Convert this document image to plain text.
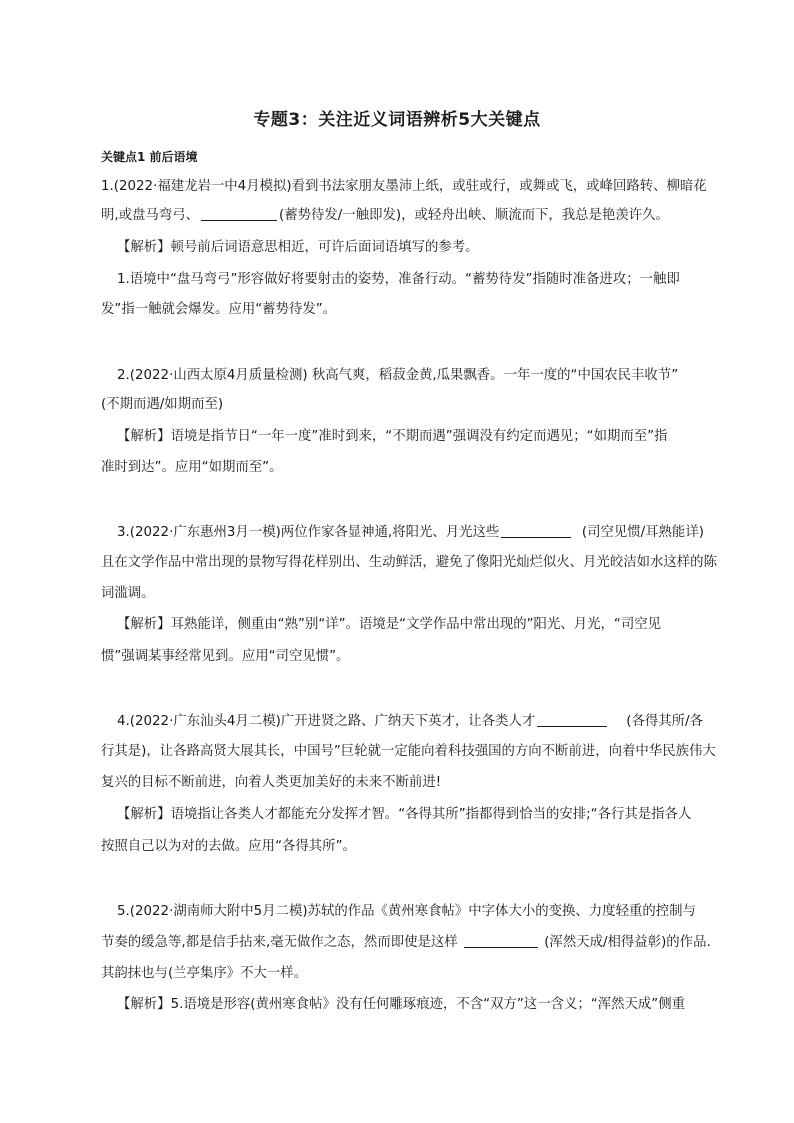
专题3：关注近义词语辨析5大关键点
关键点1 前后语境
1.(2022·福建龙岩一中4月模拟)看到书法家朋友墨沛上纸，或驻或行，或舞或飞，或峰回路转、柳暗花
明,或盘马弯弓、	(蓄势待发/一触即发)，或轻舟出峡、顺流而下，我总是艳羡许久。
【解析】顿号前后词语意思相近，可许后面词语填写的参考。
1.语境中“盘马弯弓”形容做好将要射击的姿势，准备行动。“蓄势待发”指随时准备进攻；一触即
发”指一触就会爆发。应用“蓄势待发”。
2.(2022·山西太原4月质量检测) 秋高气爽，稻菽金黄,瓜果飘香。一年一度的“中国农民丰收节”
(不期而遇/如期而至)
【解析】语境是指节日“一年一度”准时到来，“不期而遇”强调没有约定而遇见；“如期而至”指
准时到达”。应用“如期而至”。
3.(2022·广东惠州3月一模)两位作家各显神通,将阳光、月光这些	(司空见惯/耳熟能详)
且在文学作品中常出现的景物写得花样别出、生动鲜活，避免了像阳光灿烂似火、月光皎洁如水这样的陈
词滥调。
【解析】耳熟能详，侧重由“熟”别“详”。语境是“文学作品中常出现的”阳光、月光，“司空见
惯”强调某事经常见到。应用“司空见惯”。
4.(2022·广东汕头4月二模)广开进贤之路、广纳天下英才，让各类人才	(各得其所/各
行其是)，让各路高贤大展其长，中国号”巨轮就一定能向着科技强国的方向不断前进，向着中华民族伟大
复兴的目标不断前进，向着人类更加美好的未来不断前进!
【解析】语境指让各类人才都能充分发挥才智。“各得其所”指都得到恰当的安排;“各行其是指各人
按照自己以为对的去做。应用“各得其所”。
5.(2022·湖南师大附中5月二模)苏轼的作品《黄州寒食帖》中字体大小的变换、力度轻重的控制与
节奏的缓急等,都是信手拈来,毫无做作之态，然而即使是这样	(浑然天成/相得益彰)的作品.
其韵抹也与(兰亭集序》不大一样。
【解析】5.语境是形容(黄州寒食帖》没有任何雕琢痕迹，不含“双方”这一含义；“浑然天成”侧重
